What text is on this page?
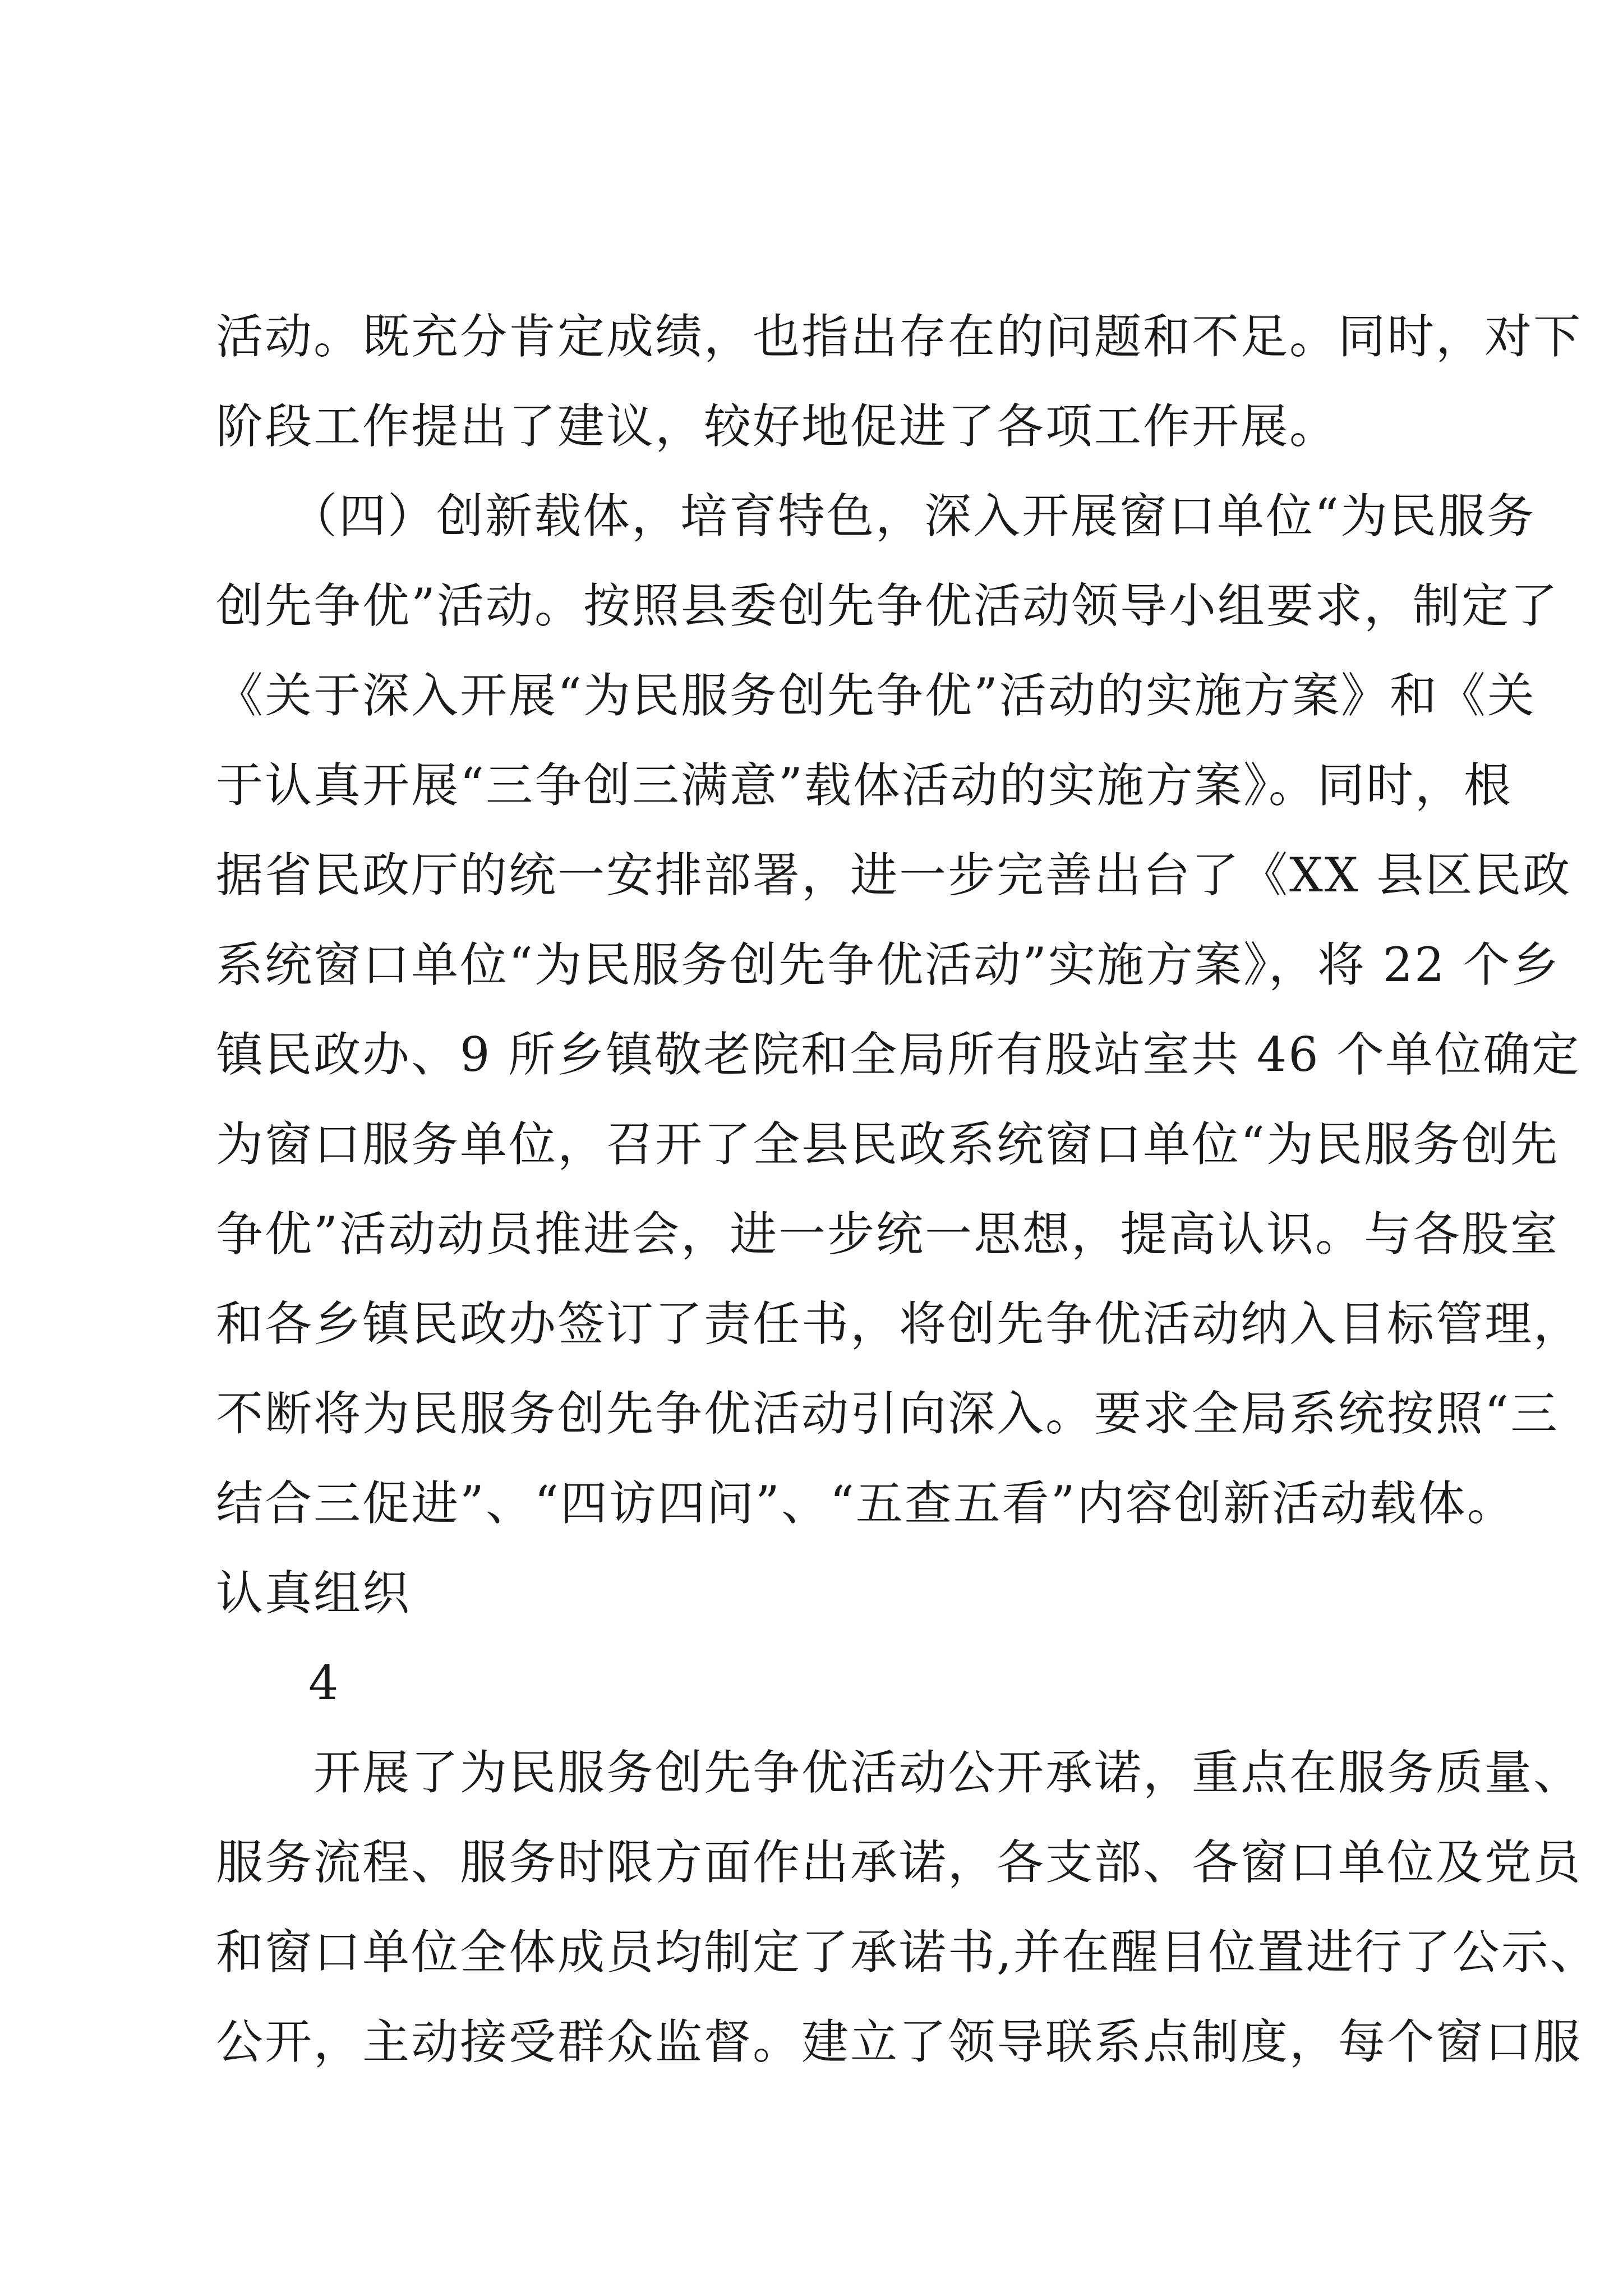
活动。既充分肯定成绩，也指出存在的问题和不足。同时，对下
阶段工作提出了建议，较好地促进了各项工作开展。
　　（四）创新载体，培育特色，深入开展窗口单位“为民服务
创先争优”活动。按照县委创先争优活动领导小组要求，制定了
《关于深入开展“为民服务创先争优”活动的实施方案》和《关
于认真开展“三争创三满意”载体活动的实施方案》。同时，根
据省民政厅的统一安排部署，进一步完善出台了《XX 县区民政
系统窗口单位“为民服务创先争优活动”实施方案》，将 22 个乡
镇民政办、9 所乡镇敬老院和全局所有股站室共 46 个单位确定
为窗口服务单位，召开了全县民政系统窗口单位“为民服务创先
争优”活动动员推进会，进一步统一思想，提高认识。与各股室
和各乡镇民政办签订了责任书，将创先争优活动纳入目标管理，
不断将为民服务创先争优活动引向深入。要求全局系统按照“三
结合三促进”、“四访四问”、“五查五看”内容创新活动载体。
认真组织
4
　　开展了为民服务创先争优活动公开承诺，重点在服务质量、
服务流程、服务时限方面作出承诺，各支部、各窗口单位及党员
和窗口单位全体成员均制定了承诺书,并在醒目位置进行了公示、
公开，主动接受群众监督。建立了领导联系点制度，每个窗口服
